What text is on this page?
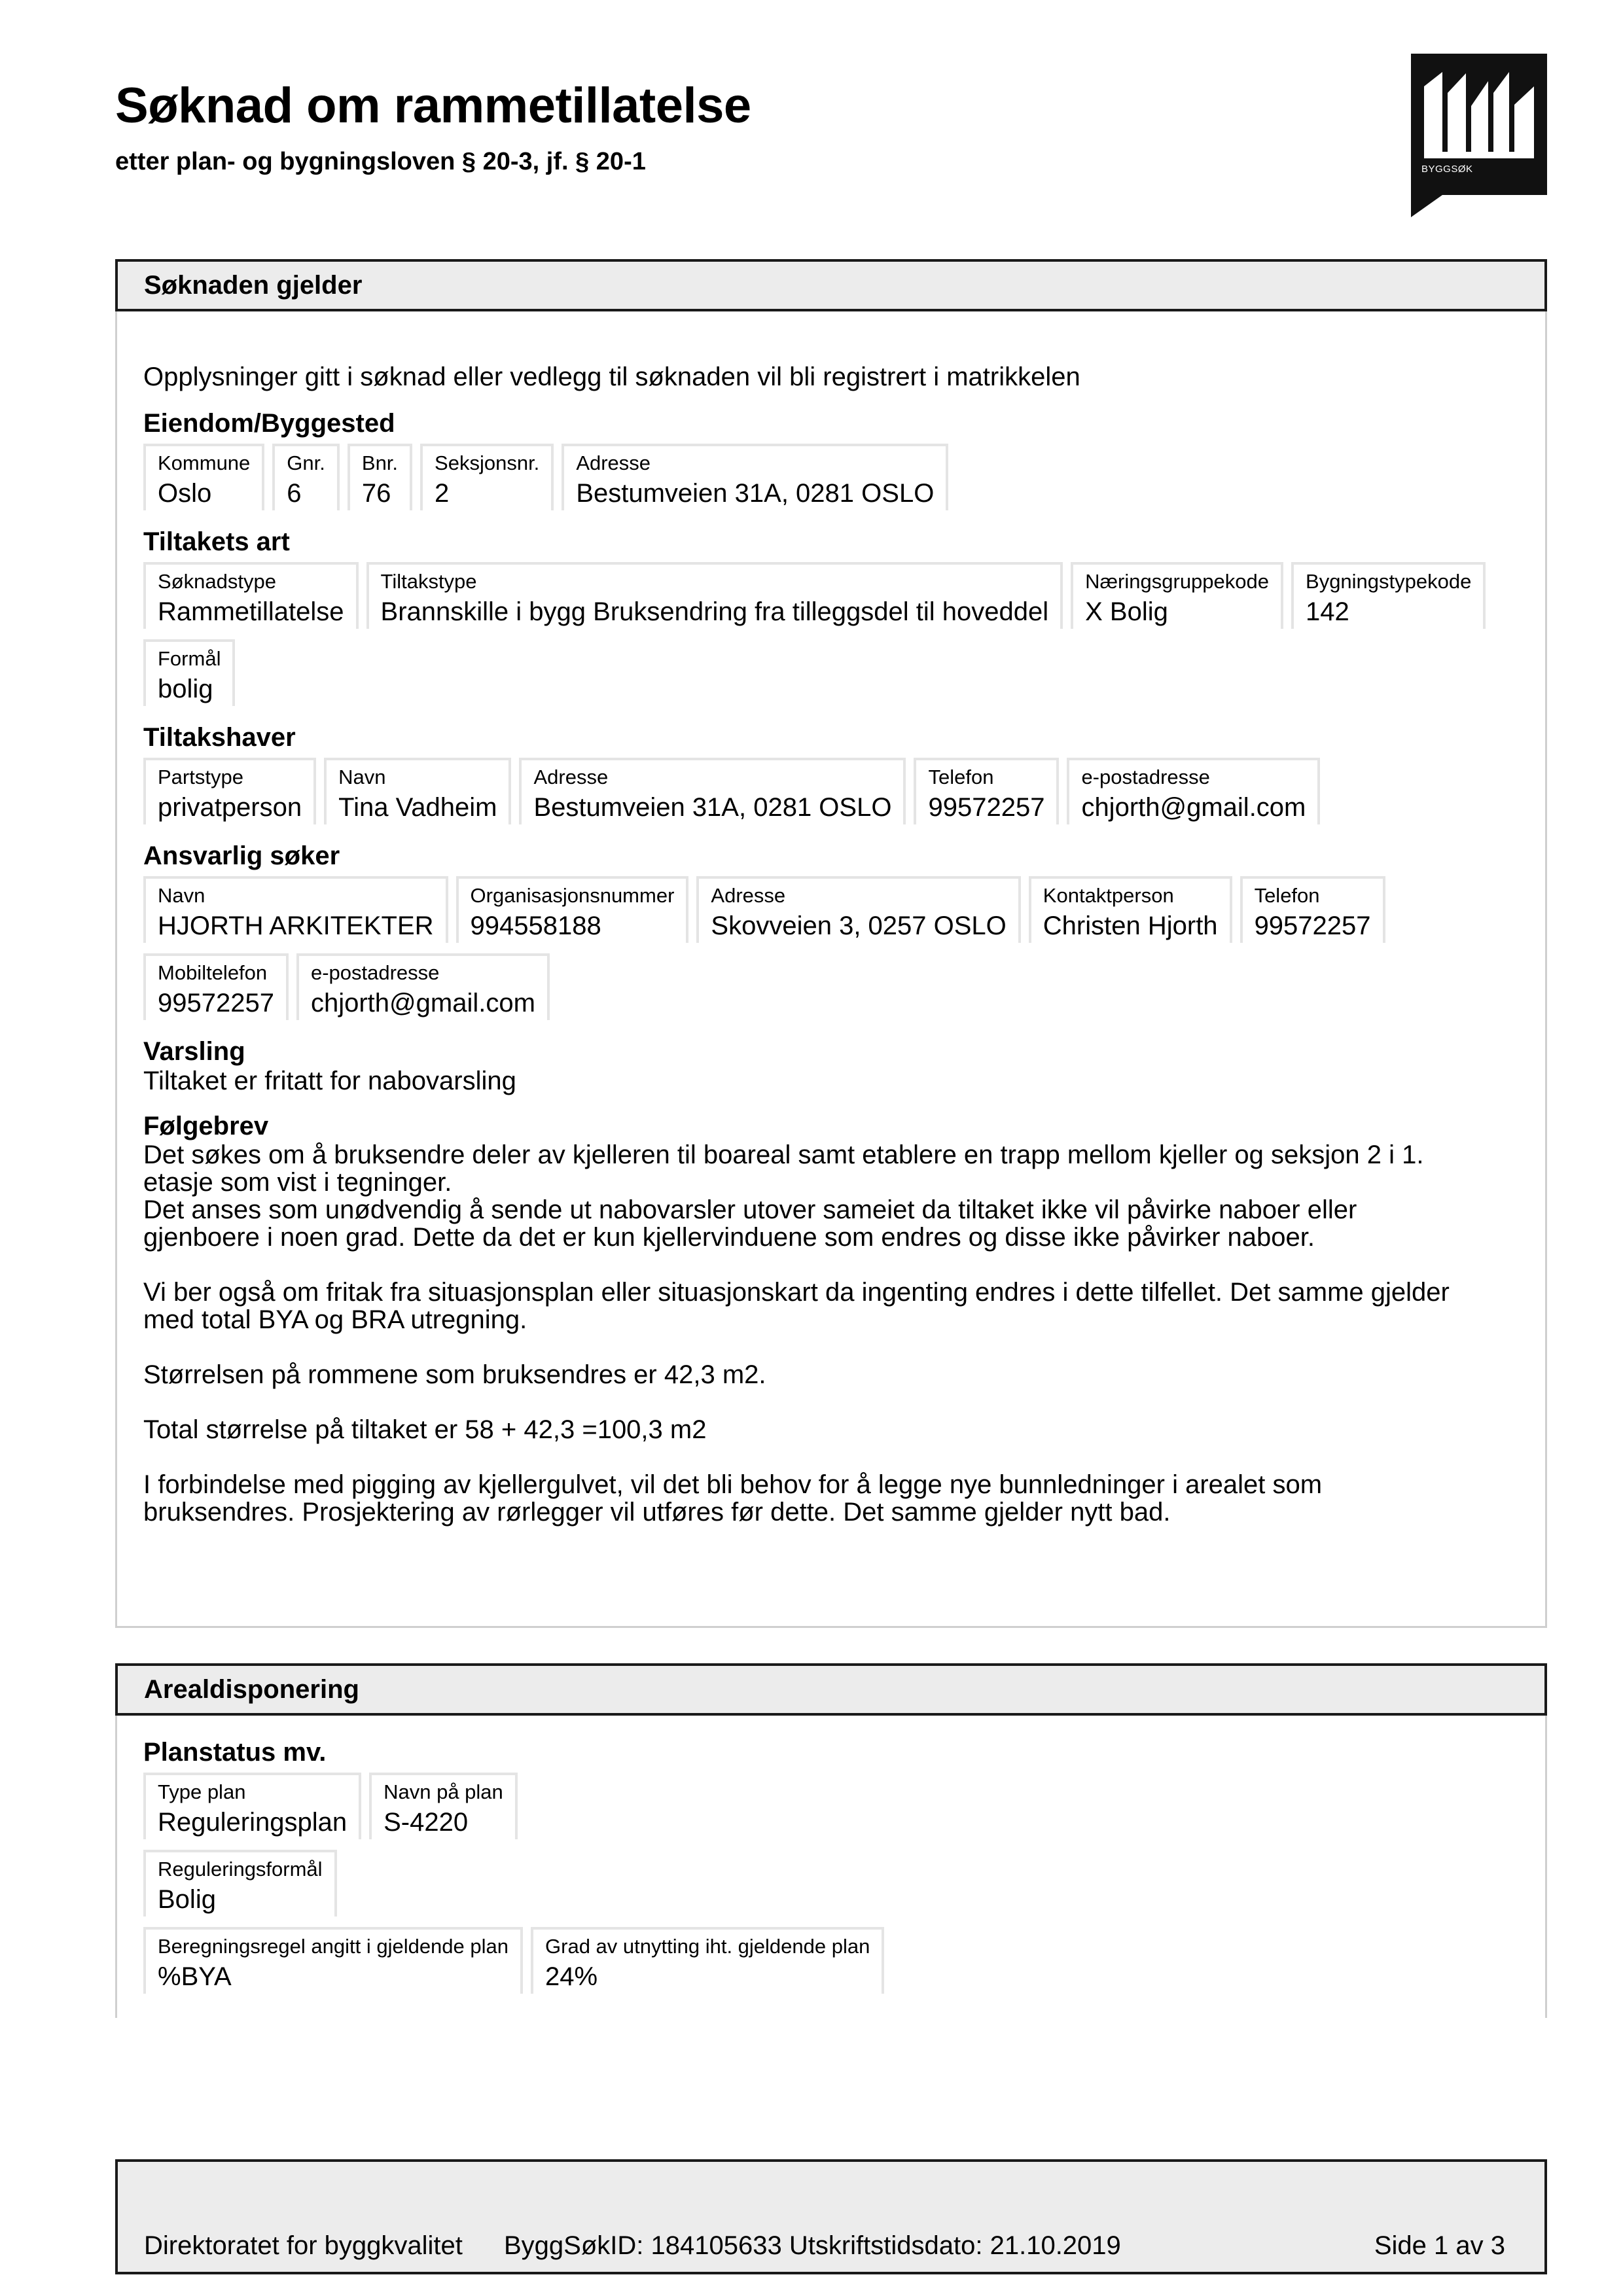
Søknad om rammetillatelse
etter plan- og bygningsloven § 20-3, jf. § 20-1	BYGGSØK
Søknaden gjelder
Opplysninger gitt i søknad eller vedlegg til søknaden vil bli registrert i matrikkelen
Eiendom/Byggested
Kommune
Oslo
Gnr.
6
Bnr.
76
Seksjonsnr.
2
Adresse
Bestumveien 31A, 0281 OSLO
Tiltakets art
Søknadstype
Rammetillatelse
Tiltakstype
Brannskille i bygg Bruksendring fra tilleggsdel til hoveddel
Næringsgruppekode
X Bolig
Bygningstypekode
142
Formål
bolig
Tiltakshaver
Partstype
privatperson
Navn
Tina Vadheim
Adresse
Bestumveien 31A, 0281 OSLO
Telefon
99572257
e-postadresse
chjorth@gmail.com
Ansvarlig søker
Navn
HJORTH ARKITEKTER
Organisasjonsnummer
994558188
Adresse
Skovveien 3, 0257 OSLO
Kontaktperson
Christen Hjorth
Telefon
99572257
Mobiltelefon
99572257
e-postadresse
chjorth@gmail.com
Varsling
Tiltaket er fritatt for nabovarsling
Følgebrev
Det søkes om å bruksendre deler av kjelleren til boareal samt etablere en trapp mellom kjeller og seksjon 2 i 1.
etasje som vist i tegninger.
Det anses som unødvendig å sende ut nabovarsler utover sameiet da tiltaket ikke vil påvirke naboer eller
gjenboere i noen grad. Dette da det er kun kjellervinduene som endres og disse ikke påvirker naboer.
Vi ber også om fritak fra situasjonsplan eller situasjonskart da ingenting endres i dette tilfellet. Det samme gjelder
med total BYA og BRA utregning.
Størrelsen på rommene som bruksendres er 42,3 m2.
Total størrelse på tiltaket er 58 + 42,3 =100,3 m2
I forbindelse med pigging av kjellergulvet, vil det bli behov for å legge nye bunnledninger i arealet som
bruksendres. Prosjektering av rørlegger vil utføres før dette. Det samme gjelder nytt bad.
Arealdisponering
Planstatus mv.
Type plan
Reguleringsplan
Navn på plan
S-4220
Reguleringsformål
Bolig
Beregningsregel angitt i gjeldende plan
%BYA
Grad av utnytting iht. gjeldende plan
24%
Direktoratet for byggkvalitet ByggSøkID: 184105633 Utskriftstidsdato: 21.10.2019	Side 1 av 3
